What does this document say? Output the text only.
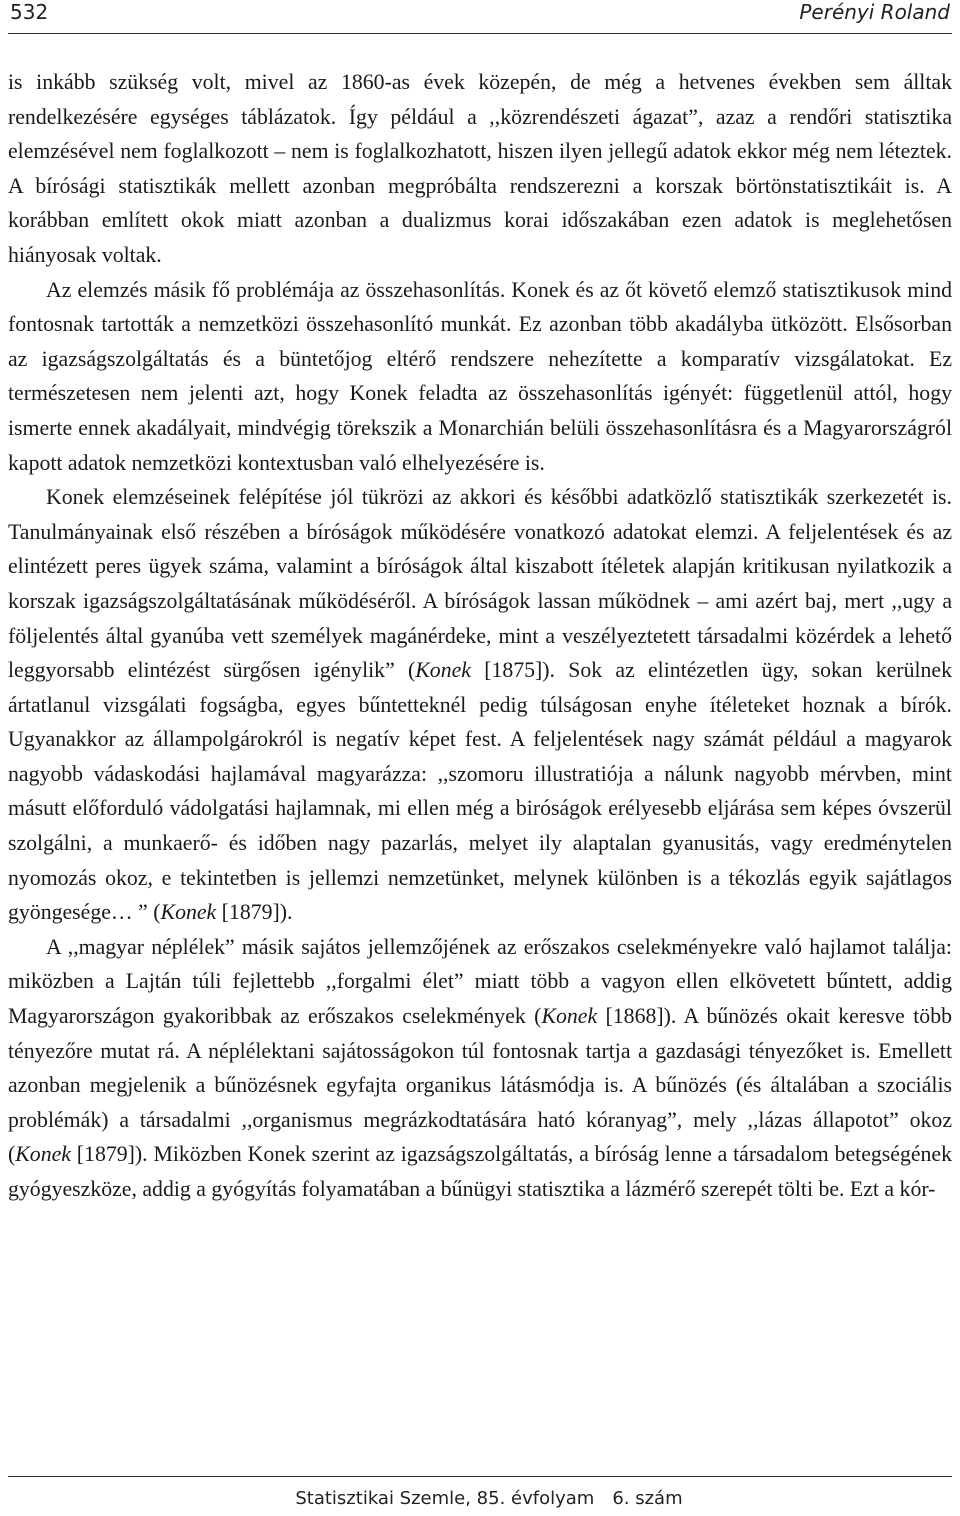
532	Perényi Roland

is inkább szükség volt, mivel az 1860-as évek közepén, de még a hetvenes években sem álltak rendelkezésére egységes táblázatok. Így például a ,,közrendészeti ágazat”, azaz a rendőri statisztika elemzésével nem foglalkozott – nem is foglalkozhatott, hiszen ilyen jellegű adatok ekkor még nem léteztek. A bírósági statisztikák mellett azonban megpróbálta rendszerezni a korszak börtönstatisztikáit is. A korábban említett okok miatt azonban a dualizmus korai időszakában ezen adatok is meglehetősen hiányosak voltak.

Az elemzés másik fő problémája az összehasonlítás. Konek és az őt követő elemző statisztikusok mind fontosnak tartották a nemzetközi összehasonlító munkát. Ez azonban több akadályba ütközött. Elsősorban az igazságszolgáltatás és a büntetőjog eltérő rendszere nehezítette a komparatív vizsgálatokat. Ez természetesen nem jelenti azt, hogy Konek feladta az összehasonlítás igényét: függetlenül attól, hogy ismerte ennek akadályait, mindvégig törekszik a Monarchián belüli összehasonlításra és a Magyarországról kapott adatok nemzetközi kontextusban való elhelyezésére is.

Konek elemzéseinek felépítése jól tükrözi az akkori és későbbi adatközlő statisztikák szerkezetét is. Tanulmányainak első részében a bíróságok működésére vonatkozó adatokat elemzi. A feljelentések és az elintézett peres ügyek száma, valamint a bíróságok által kiszabott ítéletek alapján kritikusan nyilatkozik a korszak igazságszolgáltatásának működéséről. A bíróságok lassan működnek – ami azért baj, mert ,,ugy a följelentés által gyanúba vett személyek magánérdeke, mint a veszélyeztetett társadalmi közérdek a lehető leggyorsabb elintézést sürgősen igénylik” (Konek [1875]). Sok az elintézetlen ügy, sokan kerülnek ártatlanul vizsgálati fogságba, egyes bűntetteknél pedig túlságosan enyhe ítéleteket hoznak a bírók. Ugyanakkor az állampolgárokról is negatív képet fest. A feljelentések nagy számát például a magyarok nagyobb vádaskodási hajlamával magyarázza: ,,szomoru illustratiója a nálunk nagyobb mérvben, mint másutt előforduló vádolgatási hajlamnak, mi ellen még a biróságok erélyesebb eljárása sem képes óvszerül szolgálni, a munkaerő- és időben nagy pazarlás, melyet ily alaptalan gyanusitás, vagy eredménytelen nyomozás okoz, e tekintetben is jellemzi nemzetünket, melynek különben is a tékozlás egyik sajátlagos gyöngesége… ” (Konek [1879]).

A ,,magyar néplélek” másik sajátos jellemzőjének az erőszakos cselekményekre való hajlamot találja: miközben a Lajtán túli fejlettebb ,,forgalmi élet” miatt több a vagyon ellen elkövetett bűntett, addig Magyarországon gyakoribbak az erőszakos cselekmények (Konek [1868]). A bűnözés okait keresve több tényezőre mutat rá. A néplélektani sajátosságokon túl fontosnak tartja a gazdasági tényezőket is. Emellett azonban megjelenik a bűnözésnek egyfajta organikus látásmódja is. A bűnözés (és általában a szociális problémák) a társadalmi ,,organismus megrázkodtatására ható kóranyag”, mely ,,lázas állapotot” okoz (Konek [1879]). Miközben Konek szerint az igazságszolgáltatás, a bíróság lenne a társadalom betegségének gyógyeszköze, addig a gyógyítás folyamatában a bűnügyi statisztika a lázmérő szerepét tölti be. Ezt a kór-

Statisztikai Szemle, 85. évfolyam 6. szám
